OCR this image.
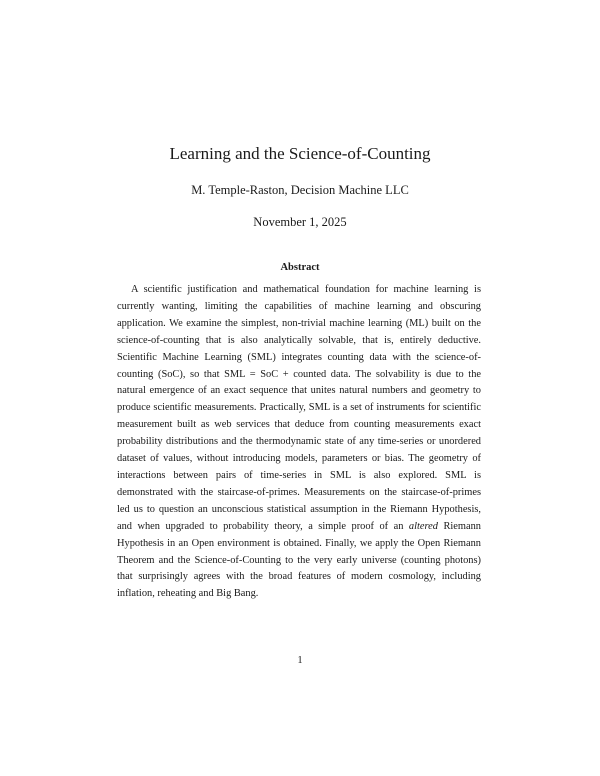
Learning and the Science-of-Counting
M. Temple-Raston, Decision Machine LLC
November 1, 2025
Abstract

A scientific justification and mathematical foundation for machine learning is currently wanting, limiting the capabilities of machine learning and obscuring application. We examine the simplest, non-trivial machine learning (ML) built on the science-of-counting that is also analytically solvable, that is, entirely deductive. Scientific Machine Learning (SML) integrates counting data with the science-of-counting (SoC), so that SML = SoC + counted data. The solvability is due to the natural emergence of an exact sequence that unites natural numbers and geometry to produce scientific measurements. Practically, SML is a set of instruments for scientific measurement built as web services that deduce from counting measurements exact probability distributions and the thermodynamic state of any time-series or unordered dataset of values, without introducing models, parameters or bias. The geometry of interactions between pairs of time-series in SML is also explored. SML is demonstrated with the staircase-of-primes. Measurements on the staircase-of-primes led us to question an unconscious statistical assumption in the Riemann Hypothesis, and when upgraded to probability theory, a simple proof of an altered Riemann Hypothesis in an Open environment is obtained. Finally, we apply the Open Riemann Theorem and the Science-of-Counting to the very early universe (counting photons) that surprisingly agrees with the broad features of modern cosmology, including inflation, reheating and Big Bang.

1
